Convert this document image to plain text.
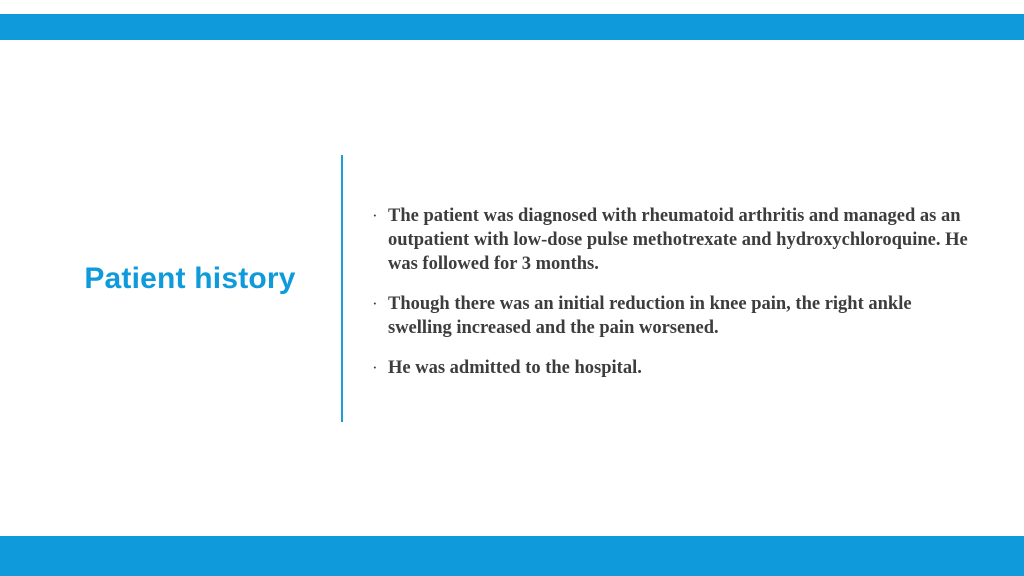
Patient history
· The patient was diagnosed with rheumatoid arthritis and managed as an outpatient with low-dose pulse methotrexate and hydroxychloroquine. He was followed for 3 months.
· Though there was an initial reduction in knee pain, the right ankle swelling increased and the pain worsened.
· He was admitted to the hospital.
